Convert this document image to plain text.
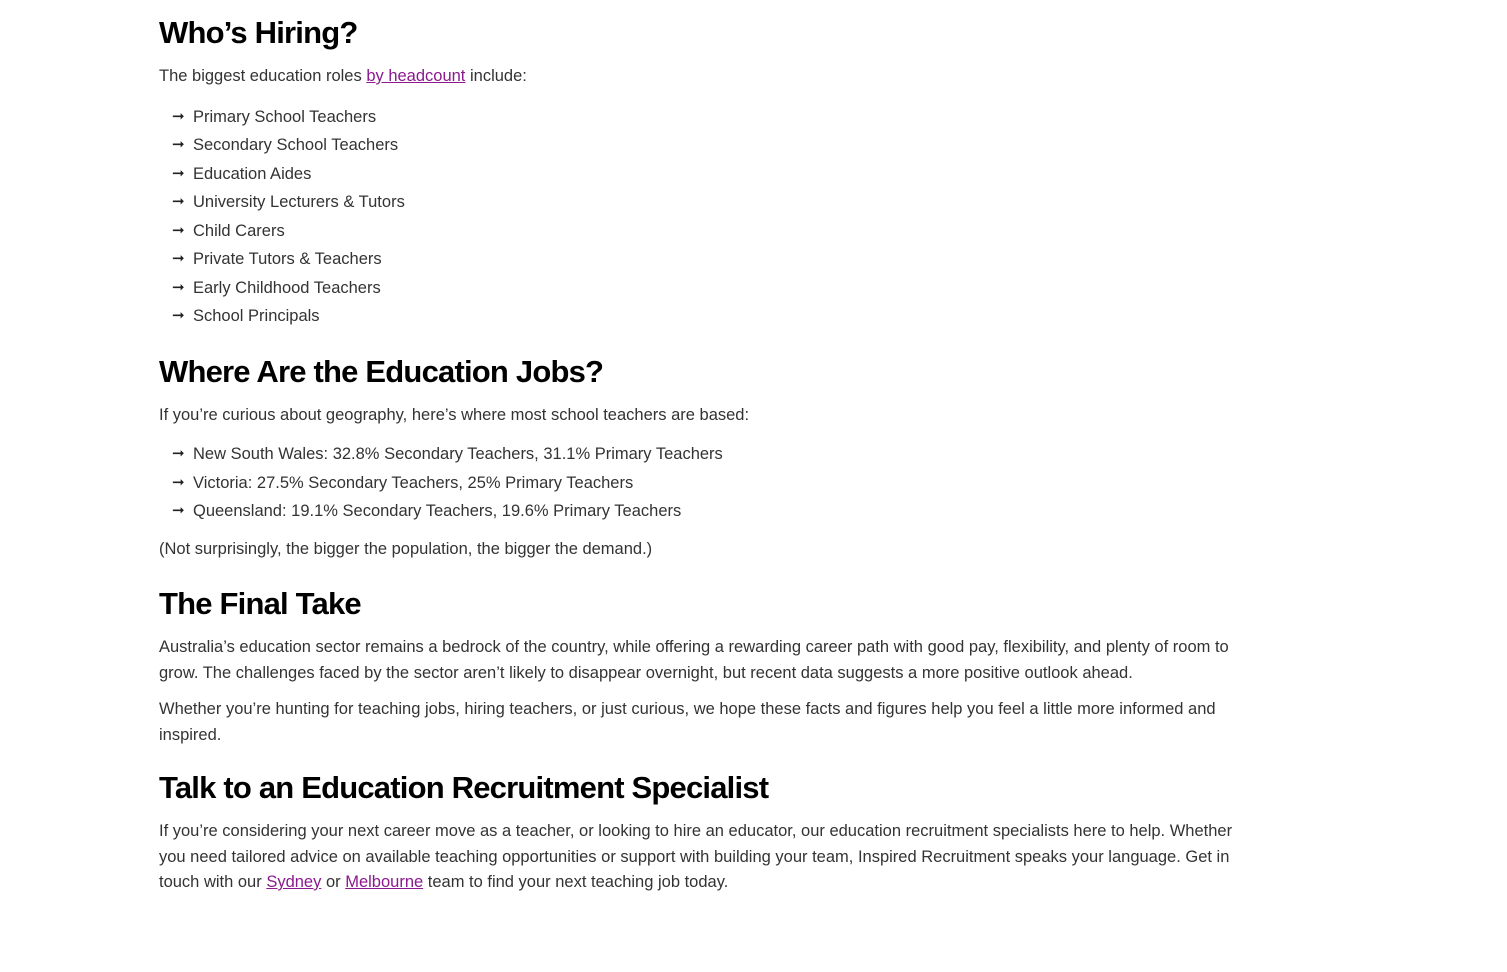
Who’s Hiring?

The biggest education roles by headcount include:

➞ Primary School Teachers
➞ Secondary School Teachers
➞ Education Aides
➞ University Lecturers & Tutors
➞ Child Carers
➞ Private Tutors & Teachers
➞ Early Childhood Teachers
➞ School Principals
Where Are the Education Jobs?

If you’re curious about geography, here’s where most school teachers are based:

➞ New South Wales: 32.8% Secondary Teachers, 31.1% Primary Teachers
➞ Victoria: 27.5% Secondary Teachers, 25% Primary Teachers
➞ Queensland: 19.1% Secondary Teachers, 19.6% Primary Teachers

(Not surprisingly, the bigger the population, the bigger the demand.)

The Final Take

Australia’s education sector remains a bedrock of the country, while offering a rewarding career path with good pay, flexibility, and plenty of room to grow. The challenges faced by the sector aren’t likely to disappear overnight, but recent data suggests a more positive outlook ahead.

Whether you’re hunting for teaching jobs, hiring teachers, or just curious, we hope these facts and figures help you feel a little more informed and inspired.

Talk to an Education Recruitment Specialist

If you’re considering your next career move as a teacher, or looking to hire an educator, our education recruitment specialists here to help. Whether you need tailored advice on available teaching opportunities or support with building your team, Inspired Recruitment speaks your language. Get in touch with our Sydney or Melbourne team to find your next teaching job today.
